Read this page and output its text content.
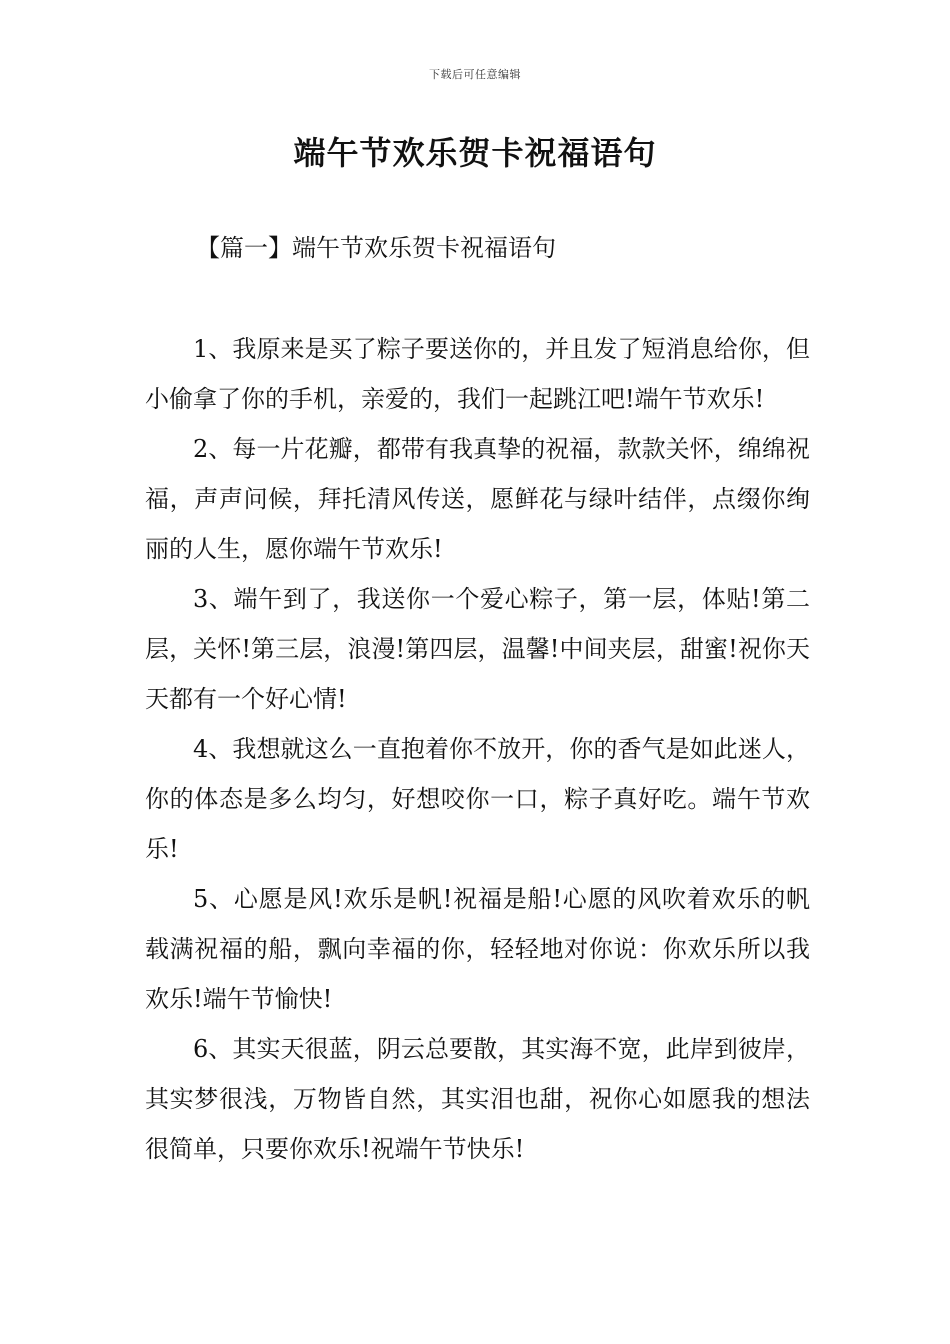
下载后可任意编辑
端午节欢乐贺卡祝福语句
【篇一】端午节欢乐贺卡祝福语句

1、我原来是买了粽子要送你的，并且发了短消息给你，但小偷拿了你的手机，亲爱的，我们一起跳江吧!端午节欢乐!

2、每一片花瓣，都带有我真挚的祝福，款款关怀，绵绵祝福，声声问候，拜托清风传送，愿鲜花与绿叶结伴，点缀你绚丽的人生，愿你端午节欢乐!

3、端午到了，我送你一个爱心粽子，第一层，体贴!第二层，关怀!第三层，浪漫!第四层，温馨!中间夹层，甜蜜!祝你天天都有一个好心情!

4、我想就这么一直抱着你不放开，你的香气是如此迷人，你的体态是多么均匀，好想咬你一口，粽子真好吃。端午节欢乐!

5、心愿是风!欢乐是帆!祝福是船!心愿的风吹着欢乐的帆载满祝福的船，飘向幸福的你，轻轻地对你说：你欢乐所以我欢乐!端午节愉快!

6、其实天很蓝，阴云总要散，其实海不宽，此岸到彼岸，其实梦很浅，万物皆自然，其实泪也甜，祝你心如愿我的想法很简单，只要你欢乐!祝端午节快乐!
